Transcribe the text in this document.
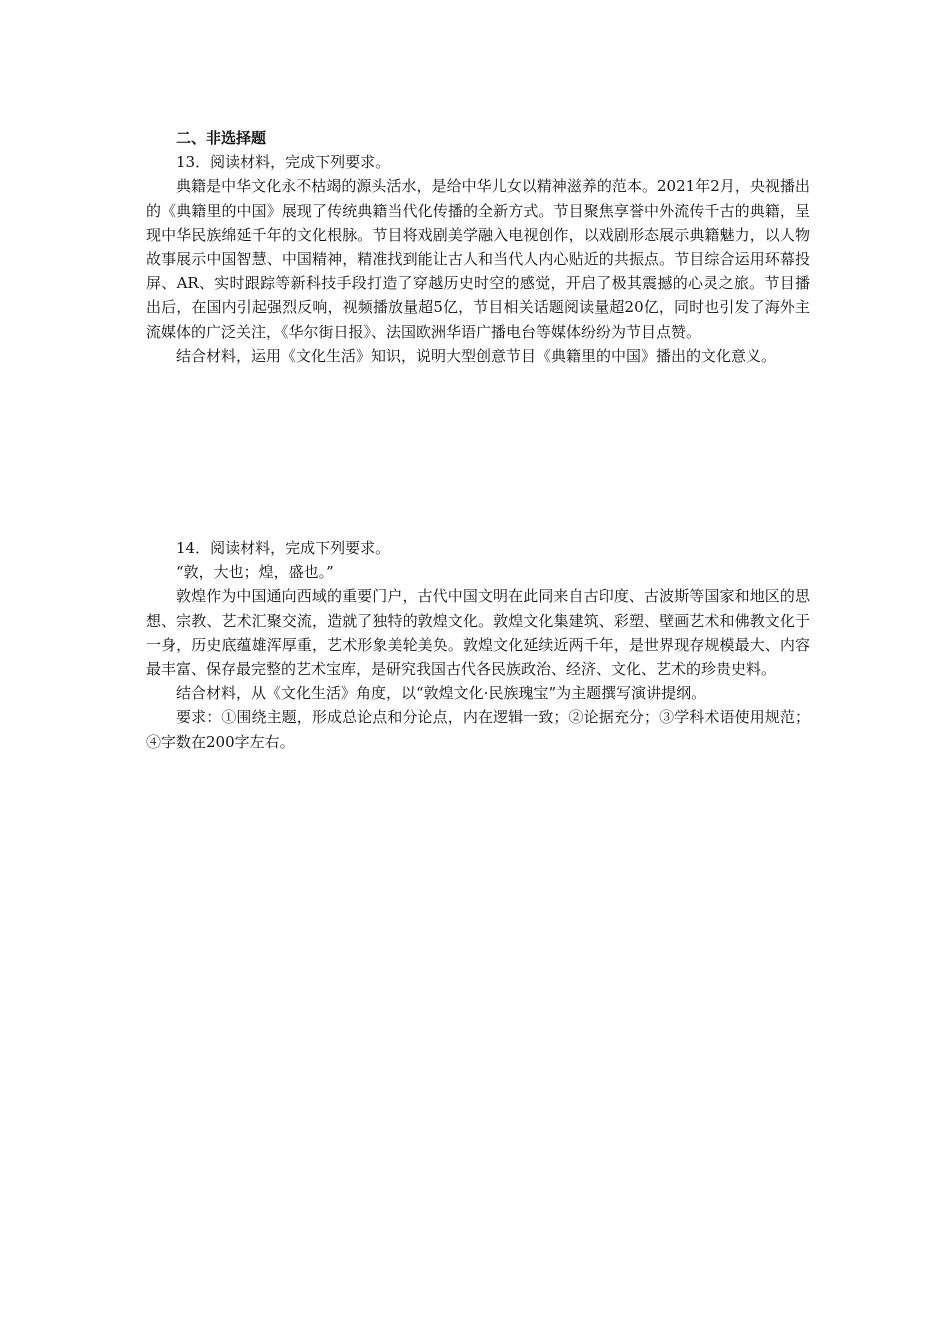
二、非选择题

13．阅读材料，完成下列要求。

典籍是中华文化永不枯竭的源头活水，是给中华儿女以精神滋养的范本。2021年2月，央视播出的《典籍里的中国》展现了传统典籍当代化传播的全新方式。节目聚焦享誉中外流传千古的典籍，呈现中华民族绵延千年的文化根脉。节目将戏剧美学融入电视创作，以戏剧形态展示典籍魅力，以人物故事展示中国智慧、中国精神，精准找到能让古人和当代人内心贴近的共振点。节目综合运用环幕投屏、AR、实时跟踪等新科技手段打造了穿越历史时空的感觉，开启了极其震撼的心灵之旅。节目播出后，在国内引起强烈反响，视频播放量超5亿，节目相关话题阅读量超20亿，同时也引发了海外主流媒体的广泛关注，《华尔街日报》、法国欧洲华语广播电台等媒体纷纷为节目点赞。

结合材料，运用《文化生活》知识，说明大型创意节目《典籍里的中国》播出的文化意义。

14．阅读材料，完成下列要求。

“敦，大也；煌，盛也。”

敦煌作为中国通向西域的重要门户，古代中国文明在此同来自古印度、古波斯等国家和地区的思想、宗教、艺术汇聚交流，造就了独特的敦煌文化。敦煌文化集建筑、彩塑、壁画艺术和佛教文化于一身，历史底蕴雄浑厚重，艺术形象美轮美奂。敦煌文化延续近两千年，是世界现存规模最大、内容最丰富、保存最完整的艺术宝库，是研究我国古代各民族政治、经济、文化、艺术的珍贵史料。

结合材料，从《文化生活》角度，以“敦煌文化·民族瑰宝”为主题撰写演讲提纲。

要求：①围绕主题，形成总论点和分论点，内在逻辑一致；②论据充分；③学科术语使用规范；④字数在200字左右。
